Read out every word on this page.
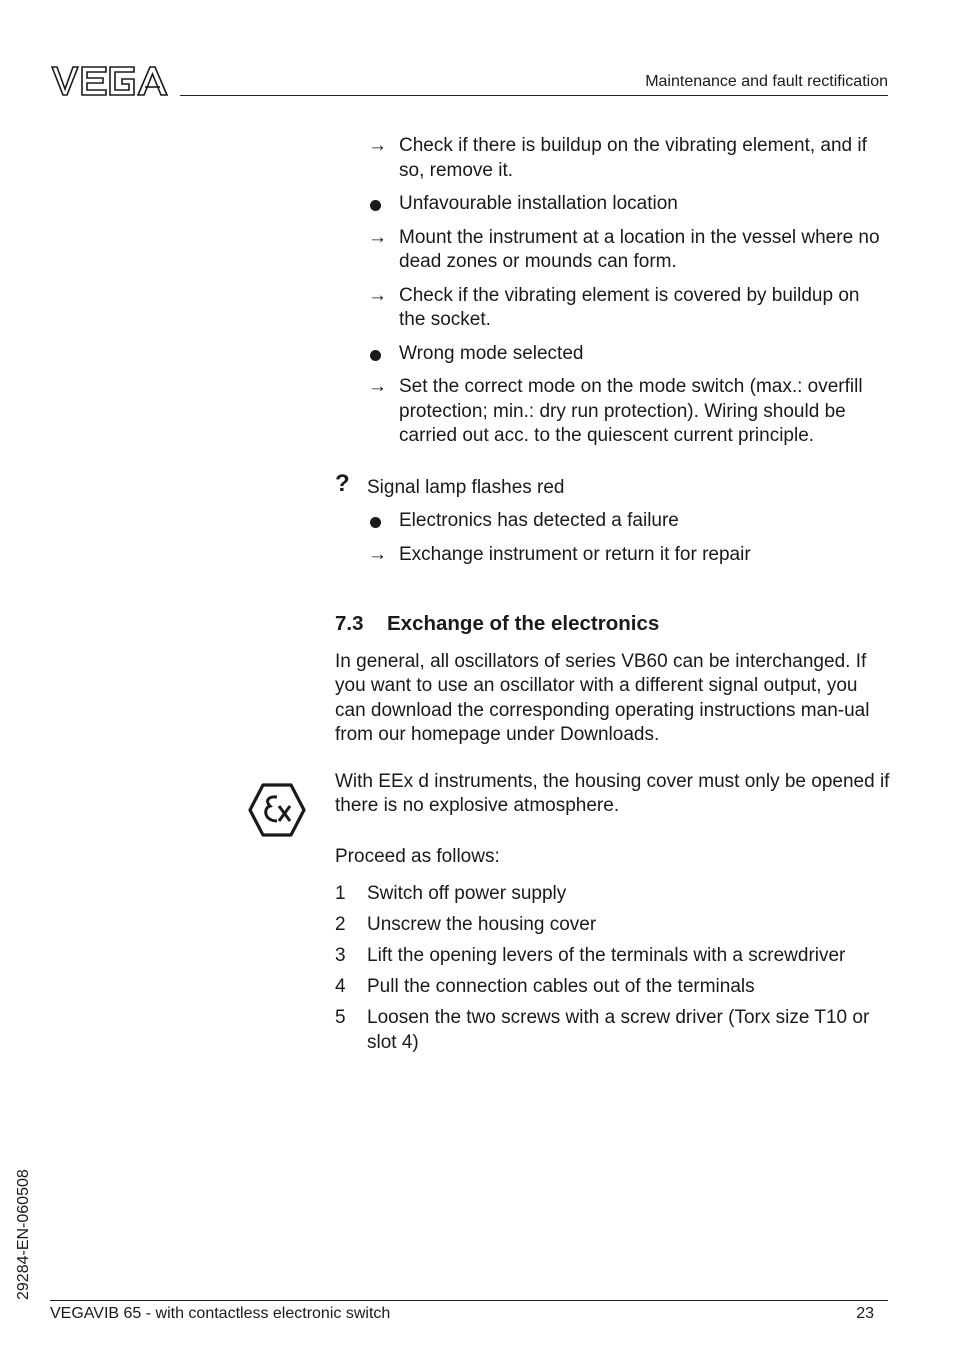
Maintenance and fault rectification
→ Check if there is buildup on the vibrating element, and if so, remove it.
Unfavourable installation location
→ Mount the instrument at a location in the vessel where no dead zones or mounds can form.
→ Check if the vibrating element is covered by buildup on the socket.
Wrong mode selected
→ Set the correct mode on the mode switch (max.: overfill protection; min.: dry run protection). Wiring should be carried out acc. to the quiescent current principle.
? Signal lamp flashes red
Electronics has detected a failure
→ Exchange instrument or return it for repair
7.3	Exchange of the electronics
In general, all oscillators of series VB60 can be interchanged. If you want to use an oscillator with a different signal output, you can download the corresponding operating instructions man-ual from our homepage under Downloads.
With EEx d instruments, the housing cover must only be opened if there is no explosive atmosphere.
Proceed as follows:
1 Switch off power supply
2 Unscrew the housing cover
3 Lift the opening levers of the terminals with a screwdriver
4 Pull the connection cables out of the terminals
5 Loosen the two screws with a screw driver (Torx size T10 or slot 4)
29284-EN-060508
VEGAVIB 65 - with contactless electronic switch	23
